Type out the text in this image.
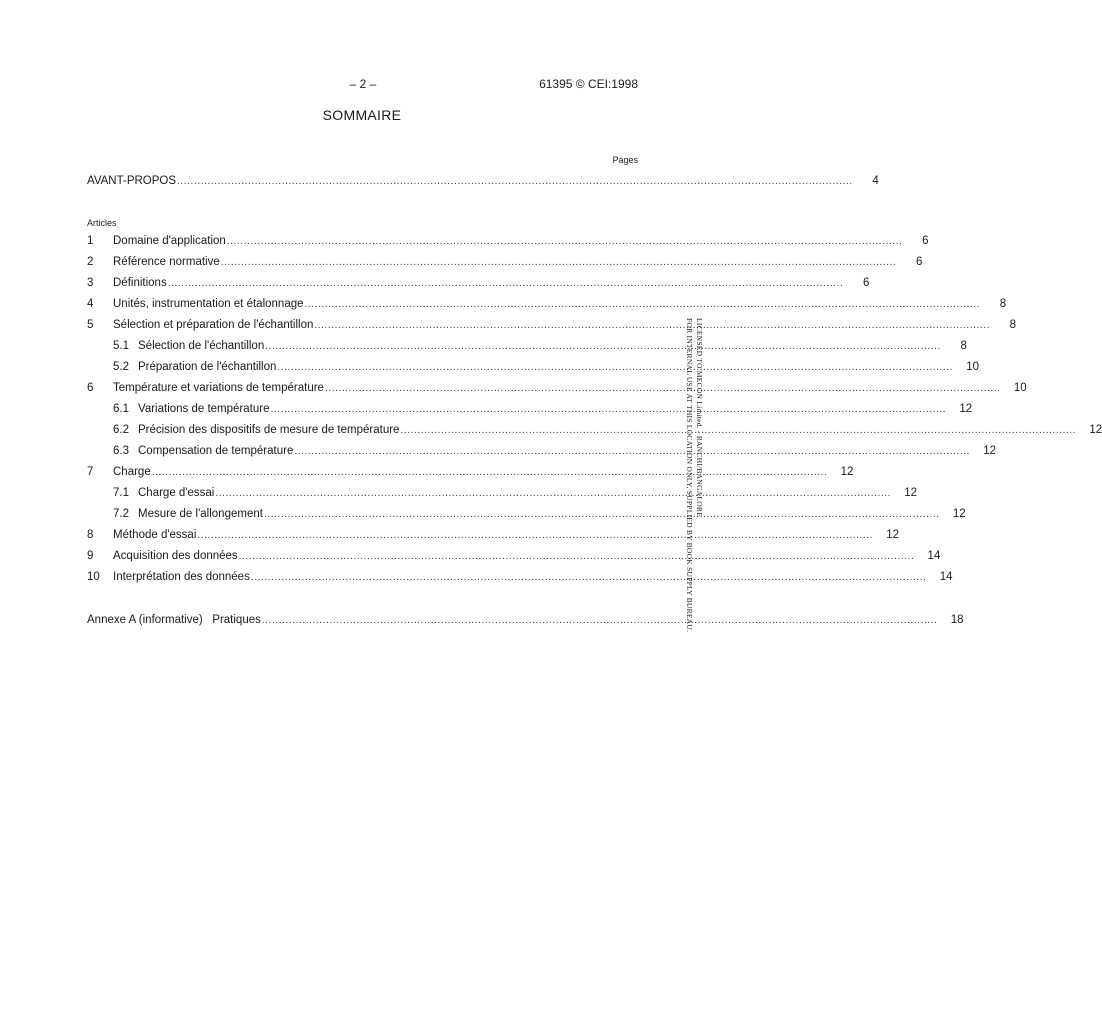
– 2 –	61395 © CEI:1998
SOMMAIRE
Pages
Articles
AVANT-PROPOS ........................................................................................................................................................................................................	4
1	Domaine d'application ........................................................................................................................................................................................................	6
2	Référence normative ........................................................................................................................................................................................................	6
3	Définitions ........................................................................................................................................................................................................	6
4	Unités, instrumentation et étalonnage ........................................................................................................................................................................................................	8
5	Sélection et préparation de l'échantillon ........................................................................................................................................................................................................	8
5.1 Sélection de l'échantillon ........................................................................................................................................................................................................	8
5.2 Préparation de l'échantillon ........................................................................................................................................................................................................	10
6	Température et variations de température ........................................................................................................................................................................................................	10
6.1 Variations de température ........................................................................................................................................................................................................	12
6.2 Précision des dispositifs de mesure de température ........................................................................................................................................................................................................	12
6.3 Compensation de température ........................................................................................................................................................................................................	12
7	Charge ........................................................................................................................................................................................................	12
7.1 Charge d'essai ........................................................................................................................................................................................................	12
7.2 Mesure de l'allongement ........................................................................................................................................................................................................	12
8	Méthode d'essai ........................................................................................................................................................................................................	12
9	Acquisition des données ........................................................................................................................................................................................................	14
10	Interprétation des données ........................................................................................................................................................................................................	14
Annexe A (informative)   Pratiques ........................................................................................................................................................................................................	18
LICENSED TO MECON Limited. - RANCHI/BANGALORE
FOR INTERNAL USE AT THIS LOCATION ONLY, SUPPLIED BY BOOK SUPPLY BUREAU.
